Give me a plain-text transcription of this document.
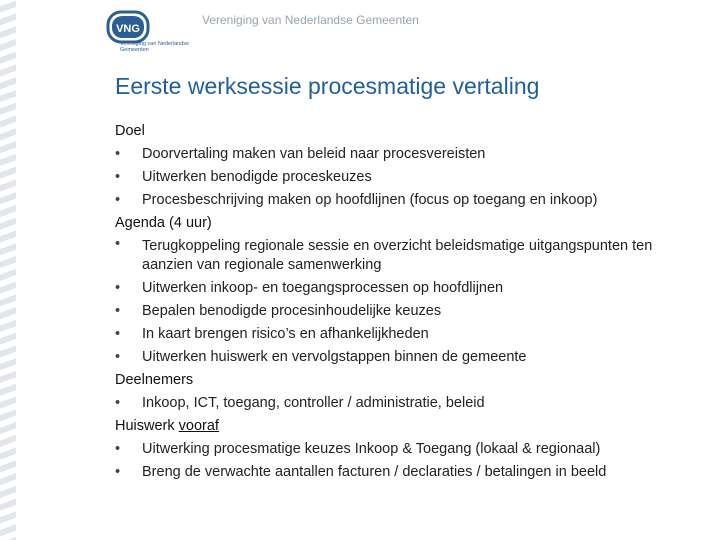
VNG
Vereniging van Nederlandse Gemeenten
Vereniging van Nederlandse Gemeenten
Eerste werksessie procesmatige vertaling
Doel
•	Doorvertaling maken van beleid naar procesvereisten
•	Uitwerken benodigde proceskeuzes
•	Procesbeschrijving maken op hoofdlijnen (focus op toegang en inkoop)
Agenda (4 uur)
•	Terugkoppeling regionale sessie en overzicht beleidsmatige uitgangspunten ten aanzien van regionale samenwerking
•	Uitwerken inkoop- en toegangsprocessen op hoofdlijnen
•	Bepalen benodigde procesinhoudelijke keuzes
•	In kaart brengen risico’s en afhankelijkheden
•	Uitwerken huiswerk en vervolgstappen binnen de gemeente
Deelnemers
•	Inkoop, ICT, toegang, controller / administratie, beleid
Huiswerk vooraf
•	Uitwerking procesmatige keuzes Inkoop & Toegang (lokaal & regionaal)
•	Breng de verwachte aantallen facturen / declaraties / betalingen in beeld
